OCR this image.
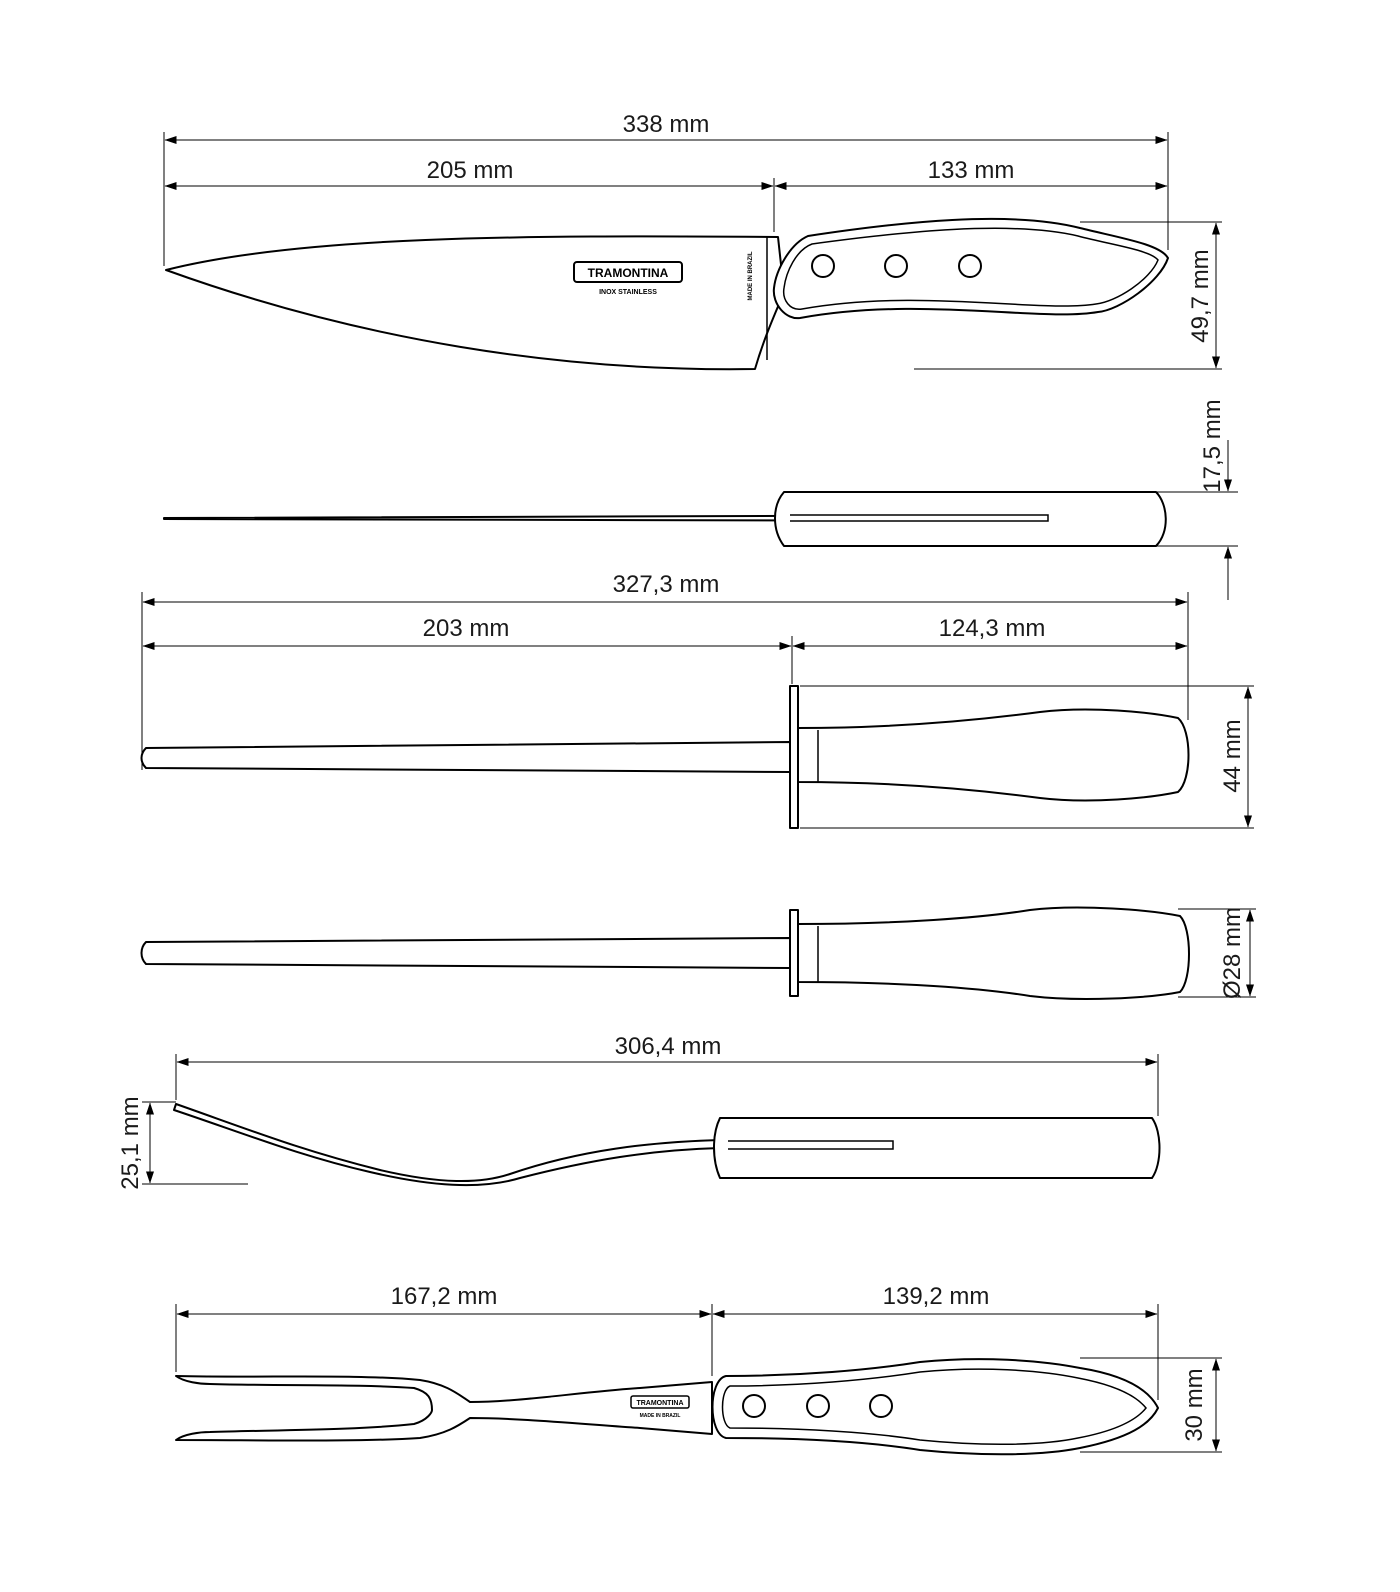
TRAMONTINA
INOX STAINLESS	MADE IN BRAZIL
338 mm
205 mm	133 mm
49,7 mm
17,5 mm
327,3 mm
203 mm	124,3 mm
44 mm
Ø28 mm
306,4 mm
25,1 mm
TRAMONTINA
MADE IN BRAZIL
167,2 mm	139,2 mm
30 mm
